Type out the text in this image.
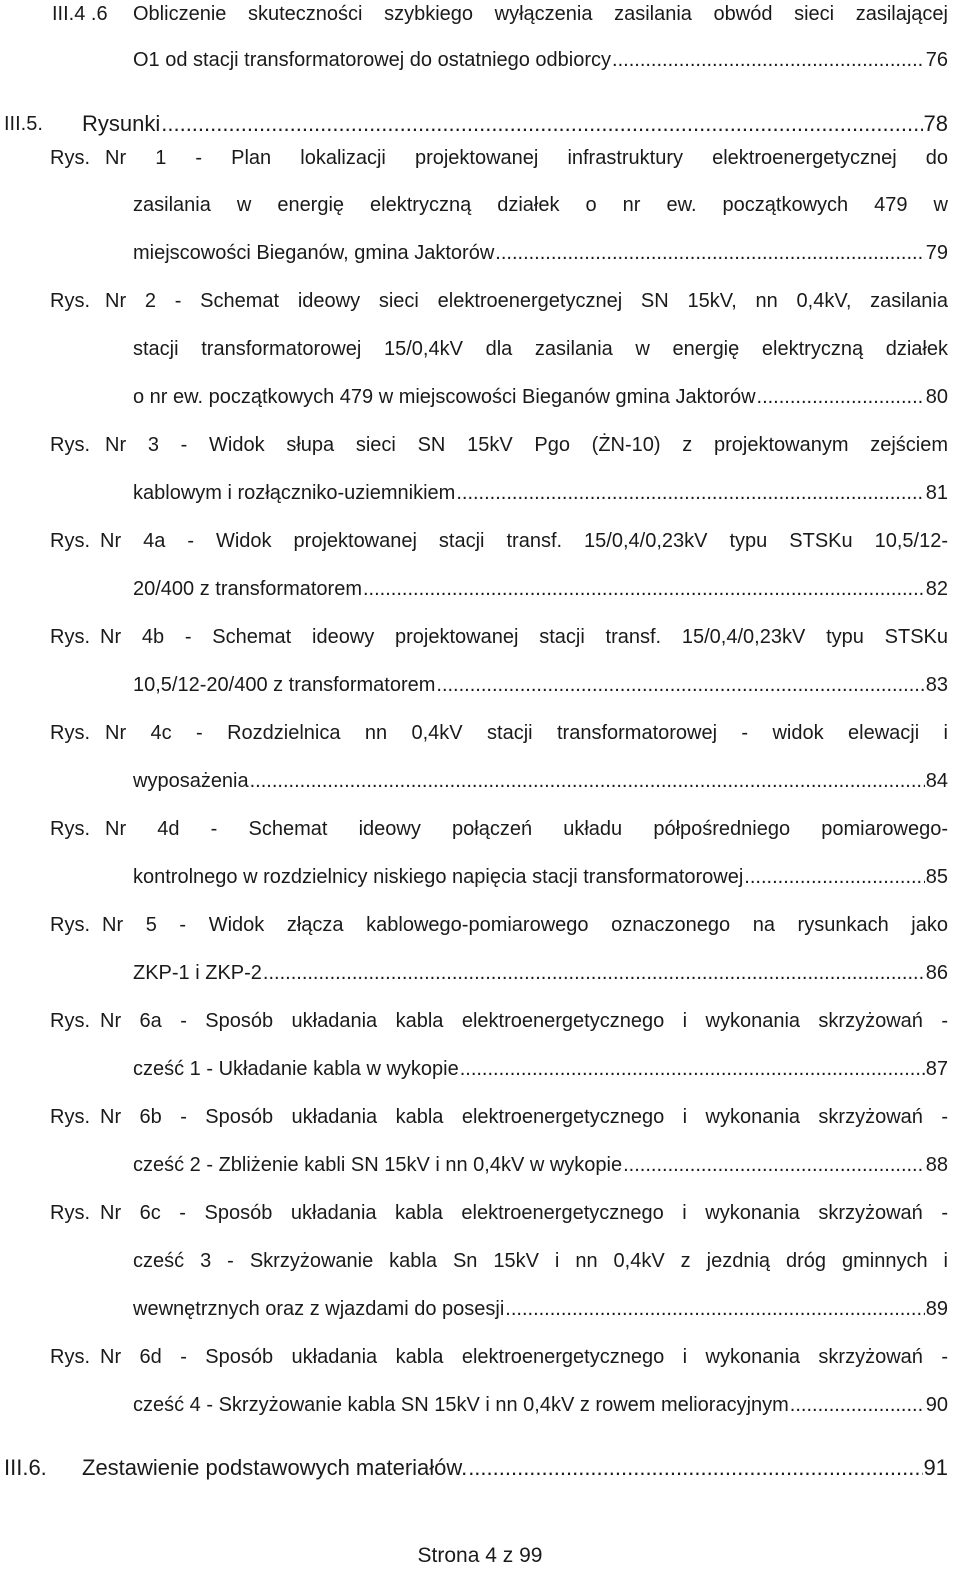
III.4 .6 Obliczenie skuteczności szybkiego wyłączenia zasilania obwód sieci zasilającej
O1 od stacji transformatorowej do ostatniego odbiorcy .....	76
III.5. Rysunki .....	78
Rys. Nr 1 - Plan lokalizacji projektowanej infrastruktury elektroenergetycznej do
zasilania w energię elektryczną działek o nr ew. początkowych 479 w
miejscowości Bieganów, gmina Jaktorów .....	79
Rys. Nr 2 - Schemat ideowy sieci elektroenergetycznej SN 15kV, nn 0,4kV, zasilania
stacji transformatorowej 15/0,4kV dla zasilania w energię elektryczną działek
o nr ew. początkowych 479 w miejscowości Bieganów gmina Jaktorów .....	80
Rys. Nr 3 - Widok słupa sieci SN 15kV Pgo (ŻN-10) z projektowanym zejściem
kablowym i rozłączniko-uziemnikiem .....	81
Rys. Nr 4a - Widok projektowanej stacji transf. 15/0,4/0,23kV typu STSKu 10,5/12-
20/400 z transformatorem .....	82
Rys. Nr 4b - Schemat ideowy projektowanej stacji transf. 15/0,4/0,23kV typu STSKu
10,5/12-20/400 z transformatorem .....	83
Rys. Nr 4c - Rozdzielnica nn 0,4kV stacji transformatorowej - widok elewacji i
wyposażenia .....	84
Rys. Nr 4d - Schemat ideowy połączeń układu półpośredniego pomiarowego-
kontrolnego w rozdzielnicy niskiego napięcia stacji transformatorowej .....	85
Rys. Nr 5 - Widok złącza kablowego-pomiarowego oznaczonego na rysunkach jako
ZKP-1 i ZKP-2 .....	86
Rys. Nr 6a - Sposób układania kabla elektroenergetycznego i wykonania skrzyżowań -
cześć 1 - Układanie kabla w wykopie .....	87
Rys. Nr 6b - Sposób układania kabla elektroenergetycznego i wykonania skrzyżowań -
cześć 2 - Zbliżenie kabli SN 15kV i nn 0,4kV w wykopie .....	88
Rys. Nr 6c - Sposób układania kabla elektroenergetycznego i wykonania skrzyżowań -
cześć 3 - Skrzyżowanie kabla Sn 15kV i nn 0,4kV z jezdnią dróg gminnych i
wewnętrznych oraz z wjazdami do posesji .....	89
Rys. Nr 6d - Sposób układania kabla elektroenergetycznego i wykonania skrzyżowań -
cześć 4 - Skrzyżowanie kabla SN 15kV i nn 0,4kV z rowem melioracyjnym .....	90
III.6. Zestawienie podstawowych materiałów. .....	91
Strona 4 z 99
